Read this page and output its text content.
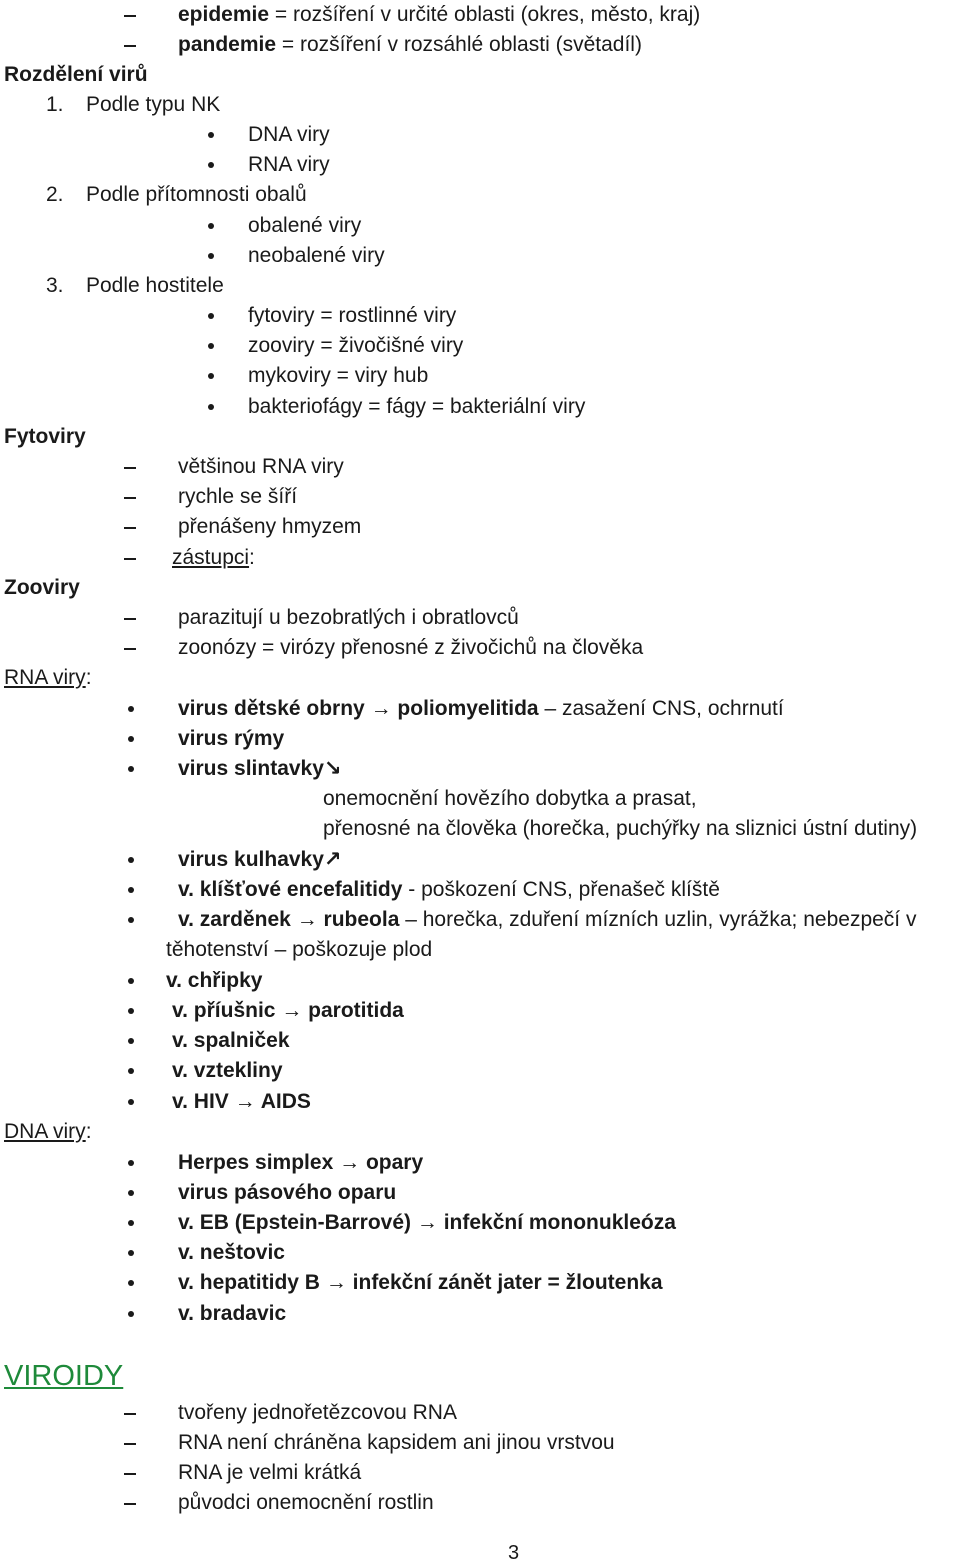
epidemie = rozšíření v určité oblasti (okres, město, kraj)
pandemie = rozšíření v rozsáhlé oblasti (světadíl)
Rozdělení virů
1. Podle typu NK
DNA viry
RNA viry
2. Podle přítomnosti obalů
obalené viry
neobalené viry
3. Podle hostitele
fytoviry = rostlinné viry
zooviry = živočišné viry
mykoviry = viry hub
bakteriofágy = fágy = bakteriální viry
Fytoviry
většinou RNA viry
rychle se šíří
přenášeny hmyzem
zástupci:
Zooviry
parazitují u bezobratlých i obratlovců
zoonózy = virózy přenosné z živočichů na člověka
RNA viry:
virus dětské obrny → poliomyelitida – zasažení CNS, ochrnutí
virus rýmy
virus slintavky↘
onemocnění hovězího dobytka a prasat,
přenosné na člověka (horečka, puchýřky na sliznici ústní dutiny)
virus kulhavky↗
v. klíšťové encefalitidy - poškození CNS, přenašeč klíště
v. zarděnek → rubeola – horečka, zduření mízních uzlin, vyrážka; nebezpečí v
těhotenství – poškozuje plod
v. chřipky
v. příušnic → parotitida
v. spalniček
v. vztekliny
v. HIV → AIDS
DNA viry:
Herpes simplex → opary
virus pásového oparu
v. EB (Epstein-Barrové) → infekční mononukleóza
v. neštovic
v. hepatitidy B → infekční zánět jater = žloutenka
v. bradavic
VIROIDY
tvořeny jednořetězcovou RNA
RNA není chráněna kapsidem ani jinou vrstvou
RNA je velmi krátká
původci onemocnění rostlin
3
